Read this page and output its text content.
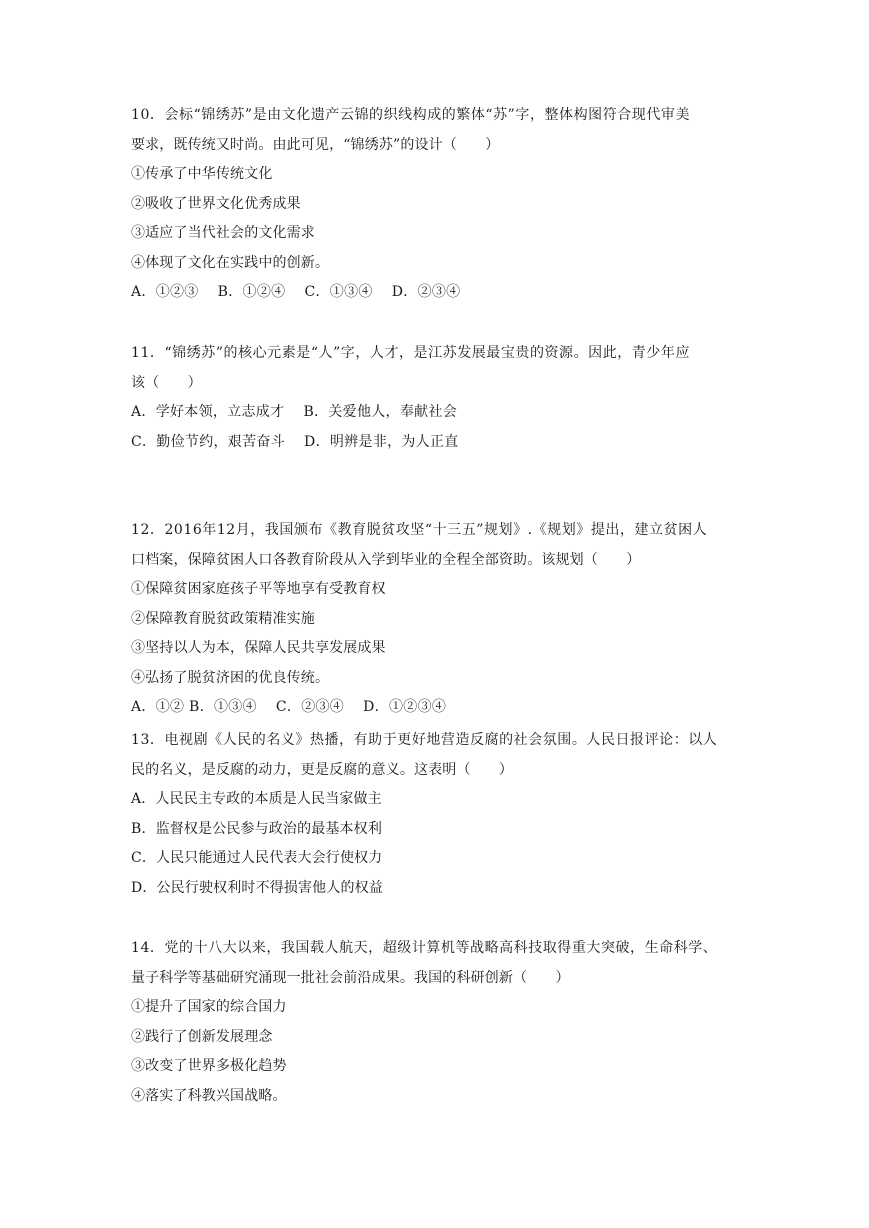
10．会标“锦绣苏”是由文化遗产云锦的织线构成的繁体“苏”字，整体构图符合现代审美
要求，既传统又时尚。由此可见，“锦绣苏”的设计（　　）
①传承了中华传统文化
②吸收了世界文化优秀成果
③适应了当代社会的文化需求
④体现了文化在实践中的创新。
A．①②③　 B．①②④　 C．①③④　 D．②③④
11．“锦绣苏”的核心元素是“人”字，人才，是江苏发展最宝贵的资源。因此，青少年应
该（　　）
A．学好本领，立志成才　 B．关爱他人，奉献社会
C．勤俭节约，艰苦奋斗　 D．明辨是非，为人正直
12．2016年12月，我国颁布《教育脱贫攻坚“十三五”规划》.《规划》提出，建立贫困人
口档案，保障贫困人口各教育阶段从入学到毕业的全程全部资助。该规划（　　）
①保障贫困家庭孩子平等地享有受教育权
②保障教育脱贫政策精准实施
③坚持以人为本，保障人民共享发展成果
④弘扬了脱贫济困的优良传统。
A．①② B．①③④　 C．②③④　 D．①②③④
13．电视剧《人民的名义》热播，有助于更好地营造反腐的社会氛围。人民日报评论：以人
民的名义，是反腐的动力，更是反腐的意义。这表明（　　）
A．人民民主专政的本质是人民当家做主
B．监督权是公民参与政治的最基本权利
C．人民只能通过人民代表大会行使权力
D．公民行驶权利时不得损害他人的权益
14．党的十八大以来，我国载人航天，超级计算机等战略高科技取得重大突破，生命科学、
量子科学等基础研究涌现一批社会前沿成果。我国的科研创新（　　）
①提升了国家的综合国力
②践行了创新发展理念
③改变了世界多极化趋势
④落实了科教兴国战略。
